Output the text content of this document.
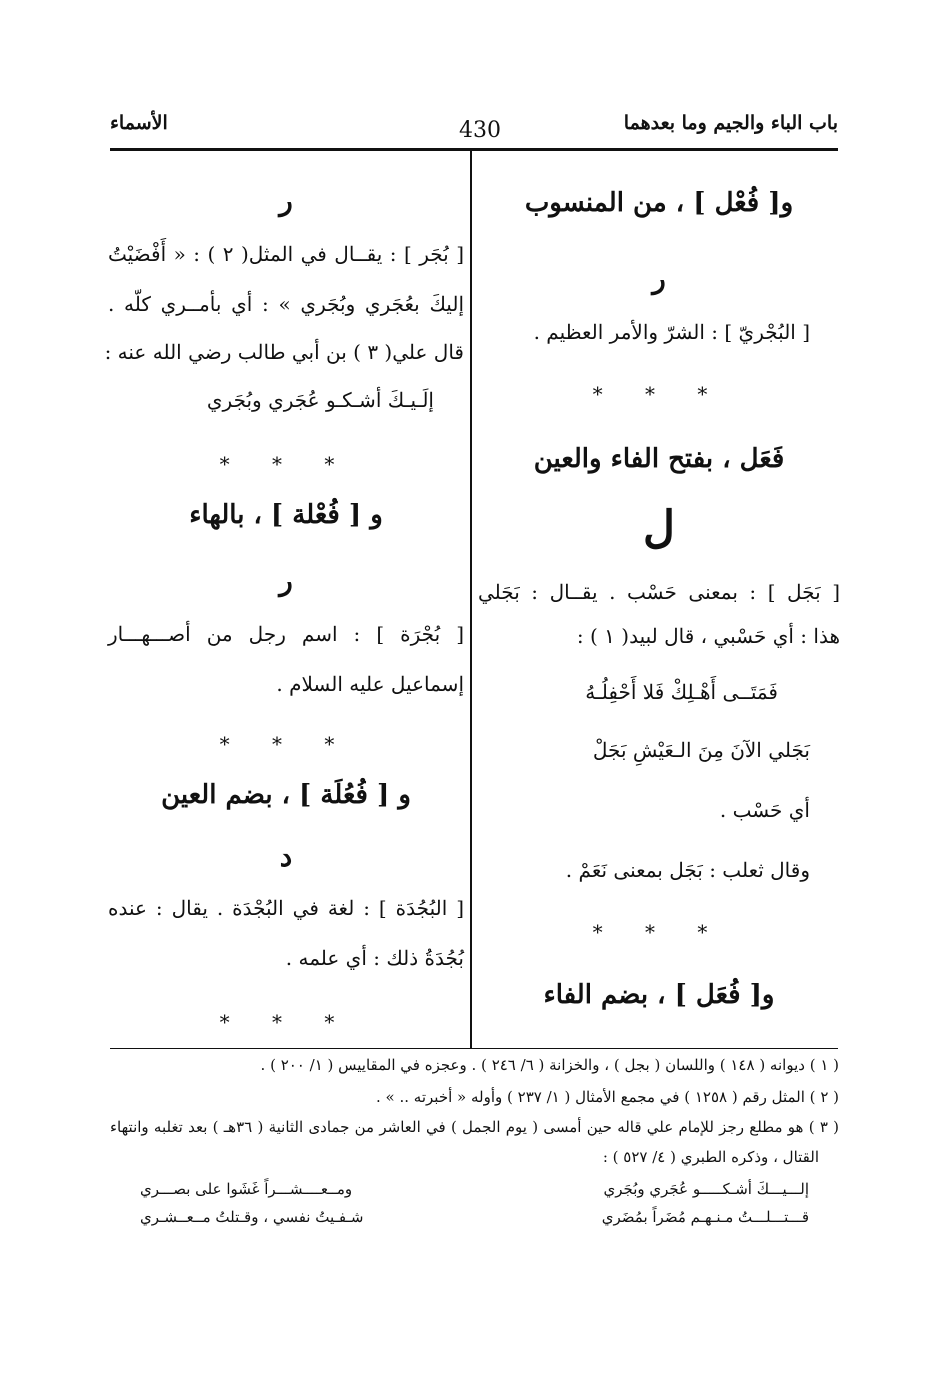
باب الباء والجيم وما بعدهما
430
الأسماء
و[ فُعْل ] ، من المنسوب
ر
[ البُجْريّ ] : الشرّ والأمر العظيم .
* * *
فَعَل ، بفتح الفاء والعين
ل
[ بَجَل ] : بمعنى حَسْب . يقــال : بَجَلي
هذا : أي حَسْبي ، قال لبيد( ١ ) :
فَمَتَــى أَهْـلِكْ فَلا أَحْفِلُـهُ
بَجَلي الآنَ مِنَ الـعَيْشِ بَجَلْ
أي حَسْب .
وقال ثعلب : بَجَل بمعنى نَعَمْ .
* * *
و[ فُعَل ] ، بضم الفاء
ر
[ بُجَر ] : يقــال في المثل( ٢ ) : « أَفْضَيْتُ
إليكَ بعُجَري وبُجَري » : أي بأمــري كلّه .
قال علي( ٣ ) بن أبي طالب رضي الله عنه :
إلَـيـكَ أشـكـو عُجَري وبُجَري
* * *
و [ فُعْلة ] ، بالهاء
ر
[ بُجْرَة ] : اسم رجل من أصـــهـــار
إسماعيل عليه السلام .
* * *
و [ فُعُلَة ] ، بضم العين
د
[ البُجُدَة ] : لغة في البُجْدَة . يقال : عنده
بُجُدَةُ ذلك : أي علمه .
* * *
( ١ ) ديوانه ( ١٤٨ ) واللسان ( بجل ) ، والخزانة ( ٦/ ٢٤٦ ) . وعجزه في المقاييس ( ١/ ٢٠٠ ) .
( ٢ ) المثل رقم ( ١٢٥٨ ) في مجمع الأمثال ( ١/ ٢٣٧ ) وأوله « أخبرته .. » .
( ٣ ) هو مطلع رجز للإمام علي قاله حين أمسى ( يوم الجمل ) في العاشر من جمادى الثانية ( ٣٦هـ ) بعد تغلبه وانتهاء
القتال ، وذكره الطبري ( ٤/ ٥٢٧ ) :
إلـــيـــكَ أشـكـــــو عُجَري وبُجَري
ومــعــــشـــراً غَشَوا على بصـــري
قـــتـــلـــتُ مـنـهـم مُضَراً بمُضَري
شـفـيتُ نفسي ، وقـتلتُ مــعــشـري
